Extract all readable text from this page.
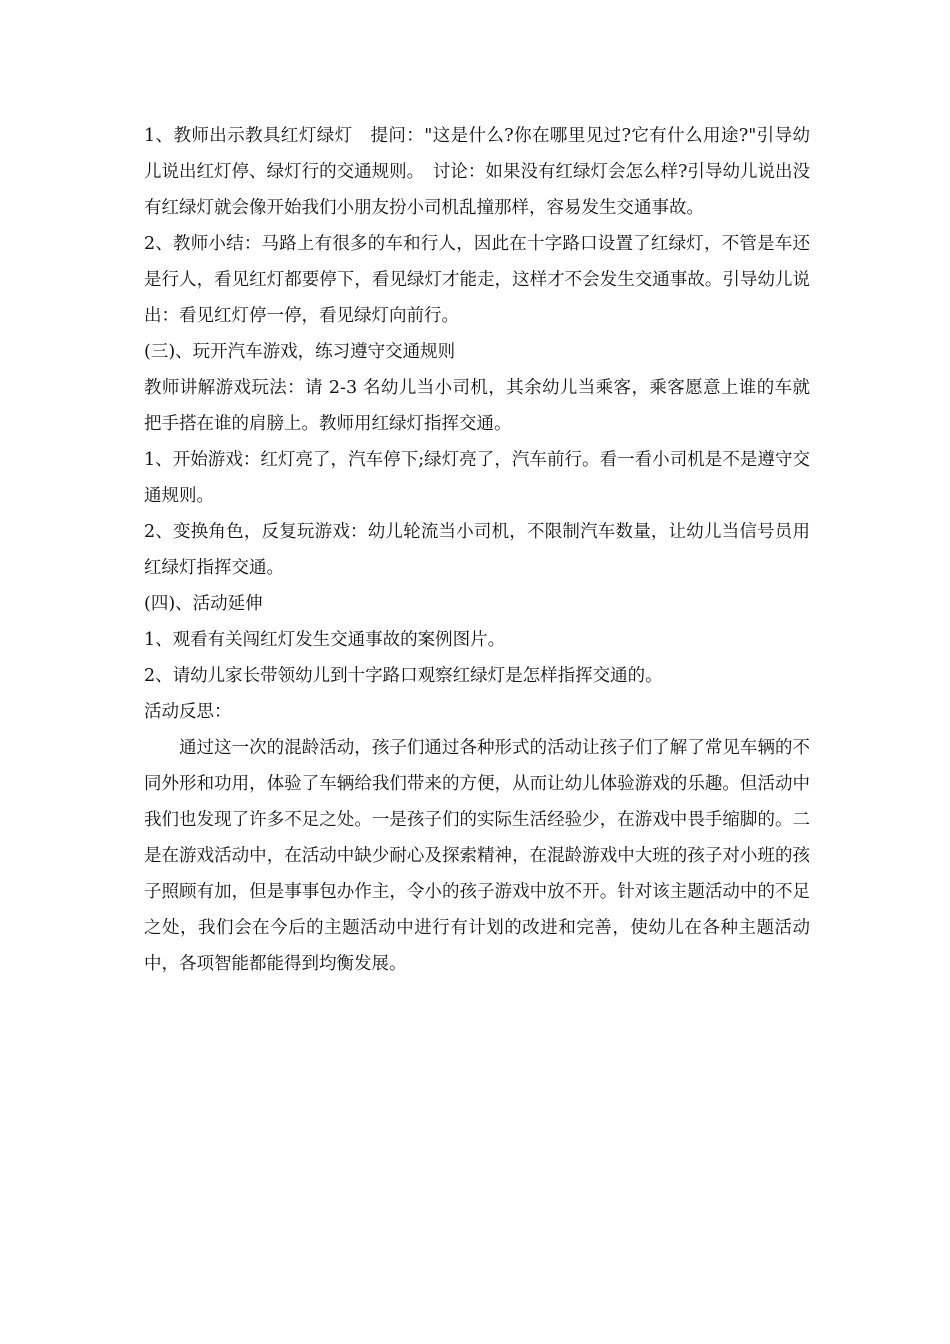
1、教师出示教具红灯绿灯　提问："这是什么?你在哪里见过?它有什么用途?"引导幼儿说出红灯停、绿灯行的交通规则。　讨论：如果没有红绿灯会怎么样?引导幼儿说出没有红绿灯就会像开始我们小朋友扮小司机乱撞那样，容易发生交通事故。

2、教师小结：马路上有很多的车和行人，因此在十字路口设置了红绿灯，不管是车还是行人，看见红灯都要停下，看见绿灯才能走，这样才不会发生交通事故。引导幼儿说出：看见红灯停一停，看见绿灯向前行。

(三)、玩开汽车游戏，练习遵守交通规则

教师讲解游戏玩法：请 2-3 名幼儿当小司机，其余幼儿当乘客，乘客愿意上谁的车就把手搭在谁的肩膀上。教师用红绿灯指挥交通。

1、开始游戏：红灯亮了，汽车停下;绿灯亮了，汽车前行。看一看小司机是不是遵守交通规则。

2、变换角色，反复玩游戏：幼儿轮流当小司机，不限制汽车数量，让幼儿当信号员用红绿灯指挥交通。

(四)、活动延伸

1、观看有关闯红灯发生交通事故的案例图片。

2、请幼儿家长带领幼儿到十字路口观察红绿灯是怎样指挥交通的。

活动反思：

通过这一次的混龄活动，孩子们通过各种形式的活动让孩子们了解了常见车辆的不同外形和功用，体验了车辆给我们带来的方便，从而让幼儿体验游戏的乐趣。但活动中我们也发现了许多不足之处。一是孩子们的实际生活经验少，在游戏中畏手缩脚的。二是在游戏活动中，在活动中缺少耐心及探索精神，在混龄游戏中大班的孩子对小班的孩子照顾有加，但是事事包办作主，令小的孩子游戏中放不开。针对该主题活动中的不足之处，我们会在今后的主题活动中进行有计划的改进和完善，使幼儿在各种主题活动中，各项智能都能得到均衡发展。
